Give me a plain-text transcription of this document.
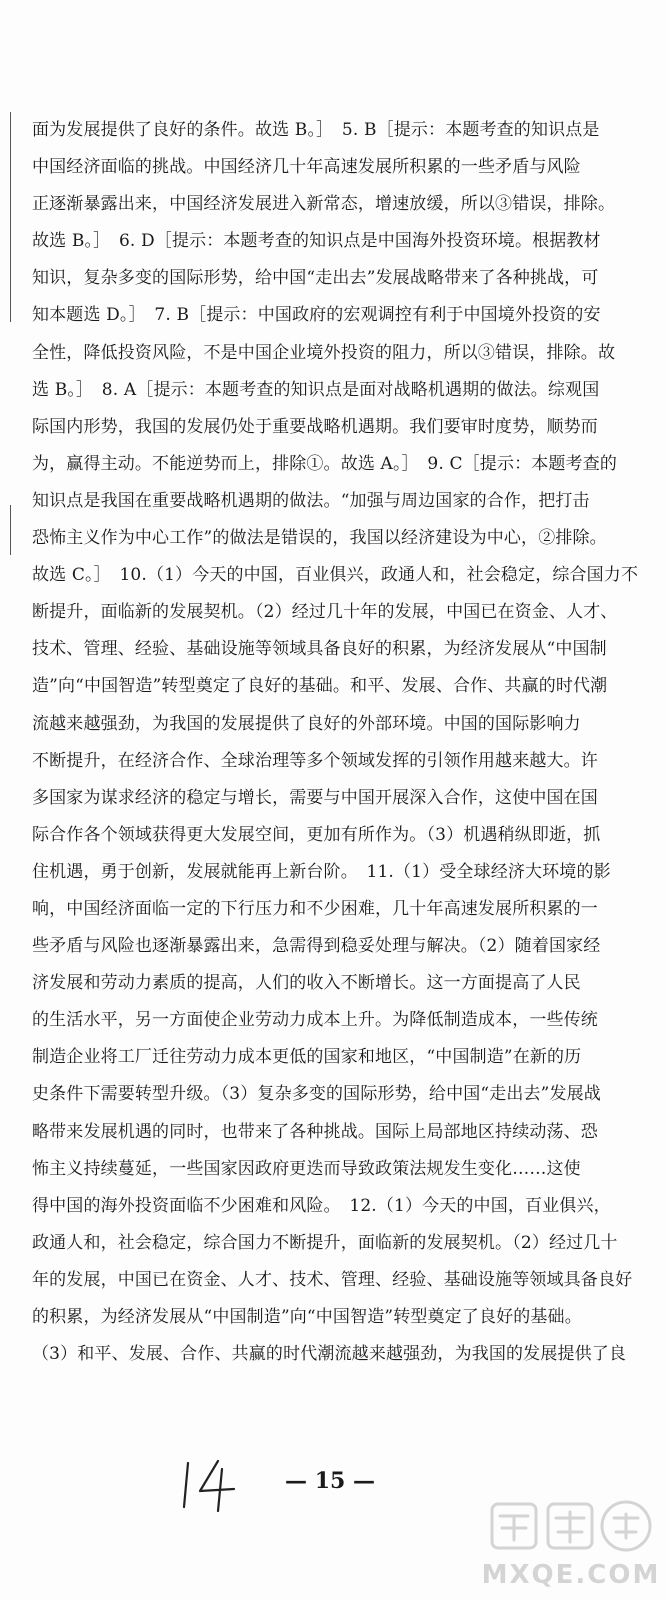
面为发展提供了良好的条件。故选 B。］　5. B［提示：本题考查的知识点是
中国经济面临的挑战。中国经济几十年高速发展所积累的一些矛盾与风险
正逐渐暴露出来，中国经济发展进入新常态，增速放缓，所以③错误，排除。
故选 B。］　6. D［提示：本题考查的知识点是中国海外投资环境。根据教材
知识，复杂多变的国际形势，给中国“走出去”发展战略带来了各种挑战，可
知本题选 D。］　7. B［提示：中国政府的宏观调控有利于中国境外投资的安
全性，降低投资风险，不是中国企业境外投资的阻力，所以③错误，排除。故
选 B。］　8. A［提示：本题考查的知识点是面对战略机遇期的做法。综观国
际国内形势，我国的发展仍处于重要战略机遇期。我们要审时度势，顺势而
为，赢得主动。不能逆势而上，排除①。故选 A。］　9. C［提示：本题考查的
知识点是我国在重要战略机遇期的做法。“加强与周边国家的合作，把打击
恐怖主义作为中心工作”的做法是错误的，我国以经济建设为中心，②排除。
故选 C。］　10.（1）今天的中国，百业俱兴，政通人和，社会稳定，综合国力不
断提升，面临新的发展契机。（2）经过几十年的发展，中国已在资金、人才、
技术、管理、经验、基础设施等领域具备良好的积累，为经济发展从“中国制
造”向“中国智造”转型奠定了良好的基础。和平、发展、合作、共赢的时代潮
流越来越强劲，为我国的发展提供了良好的外部环境。中国的国际影响力
不断提升，在经济合作、全球治理等多个领域发挥的引领作用越来越大。许
多国家为谋求经济的稳定与增长，需要与中国开展深入合作，这使中国在国
际合作各个领域获得更大发展空间，更加有所作为。（3）机遇稍纵即逝，抓
住机遇，勇于创新，发展就能再上新台阶。　11.（1）受全球经济大环境的影
响，中国经济面临一定的下行压力和不少困难，几十年高速发展所积累的一
些矛盾与风险也逐渐暴露出来，急需得到稳妥处理与解决。（2）随着国家经
济发展和劳动力素质的提高，人们的收入不断增长。这一方面提高了人民
的生活水平，另一方面使企业劳动力成本上升。为降低制造成本，一些传统
制造企业将工厂迁往劳动力成本更低的国家和地区，“中国制造”在新的历
史条件下需要转型升级。（3）复杂多变的国际形势，给中国“走出去”发展战
略带来发展机遇的同时，也带来了各种挑战。国际上局部地区持续动荡、恐
怖主义持续蔓延，一些国家因政府更迭而导致政策法规发生变化……这使
得中国的海外投资面临不少困难和风险。　12.（1）今天的中国，百业俱兴，
政通人和，社会稳定，综合国力不断提升，面临新的发展契机。（2）经过几十
年的发展，中国已在资金、人才、技术、管理、经验、基础设施等领域具备良好
的积累，为经济发展从“中国制造”向“中国智造”转型奠定了良好的基础。
（3）和平、发展、合作、共赢的时代潮流越来越强劲，为我国的发展提供了良
— 15 —
MXQE.COM
